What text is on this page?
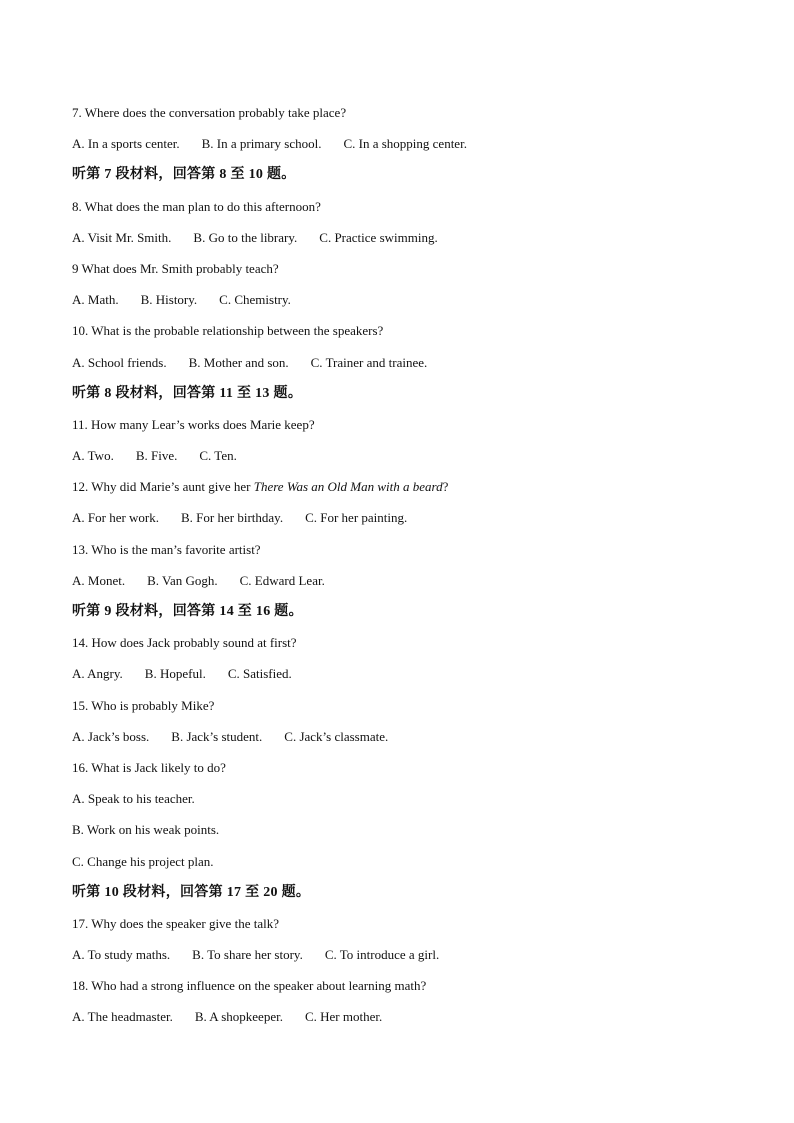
7. Where does the conversation probably take place?
A. In a sports center. B. In a primary school. C. In a shopping center.
听第 7 段材料，回答第 8 至 10 题。
8. What does the man plan to do this afternoon?
A. Visit Mr. Smith. B. Go to the library. C. Practice swimming.
9 What does Mr. Smith probably teach?
A. Math. B. History. C. Chemistry.
10. What is the probable relationship between the speakers?
A. School friends. B. Mother and son. C. Trainer and trainee.
听第 8 段材料，回答第 11 至 13 题。
11. How many Lear’s works does Marie keep?
A. Two. B. Five. C. Ten.
12. Why did Marie’s aunt give her There Was an Old Man with a beard?
A. For her work. B. For her birthday. C. For her painting.
13. Who is the man’s favorite artist?
A. Monet. B. Van Gogh. C. Edward Lear.
听第 9 段材料，回答第 14 至 16 题。
14. How does Jack probably sound at first?
A. Angry. B. Hopeful. C. Satisfied.
15. Who is probably Mike?
A. Jack’s boss. B. Jack’s student. C. Jack’s classmate.
16. What is Jack likely to do?
A. Speak to his teacher.
B. Work on his weak points.
C. Change his project plan.
听第 10 段材料，回答第 17 至 20 题。
17. Why does the speaker give the talk?
A. To study maths. B. To share her story. C. To introduce a girl.
18. Who had a strong influence on the speaker about learning math?
A. The headmaster. B. A shopkeeper. C. Her mother.
